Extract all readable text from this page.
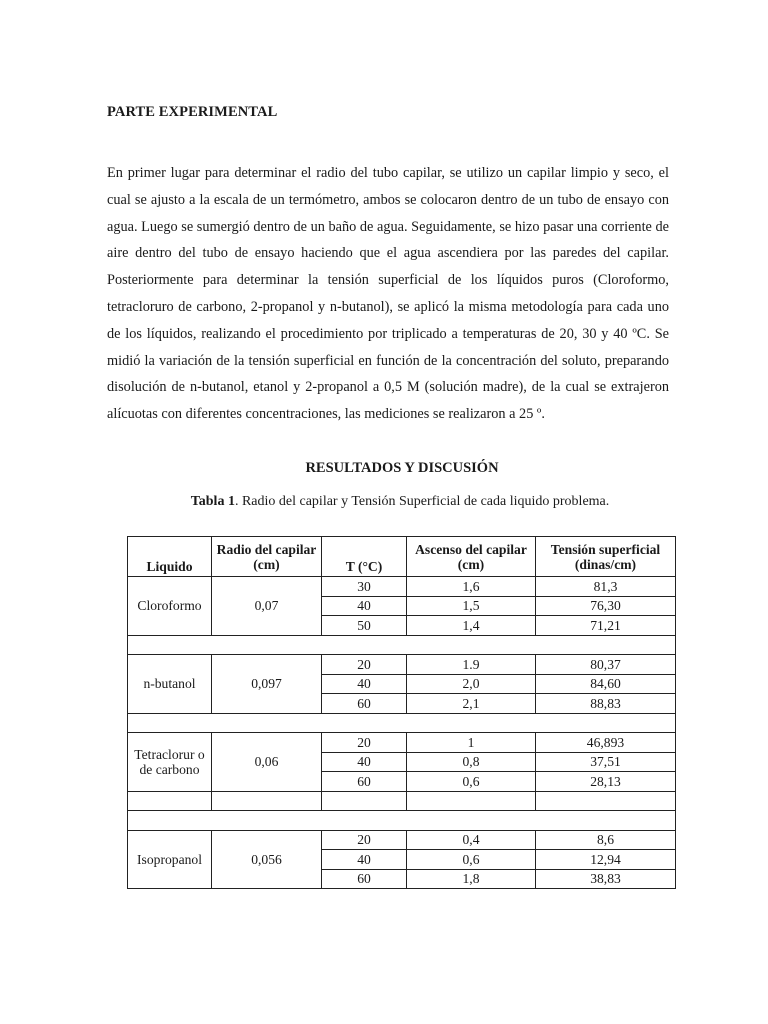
PARTE EXPERIMENTAL

En primer lugar para determinar el radio del tubo capilar, se utilizo un capilar limpio y seco, el cual se ajusto a la escala de un termómetro, ambos se colocaron dentro de un tubo de ensayo con agua. Luego se sumergió dentro de un baño de agua. Seguidamente, se hizo pasar una corriente de aire dentro del tubo de ensayo haciendo que el agua ascendiera por las paredes del capilar. Posteriormente para determinar la tensión superficial de los líquidos puros (Cloroformo, tetracloruro de carbono, 2-propanol y n-butanol), se aplicó la misma metodología para cada uno de los líquidos, realizando el procedimiento por triplicado a temperaturas de 20, 30 y 40 ºC. Se midió la variación de la tensión superficial en función de la concentración del soluto, preparando disolución de n-butanol, etanol y 2-propanol a 0,5 M (solución madre), de la cual se extrajeron alícuotas con diferentes concentraciones, las mediciones se realizaron a 25 º.

RESULTADOS Y DISCUSIÓN
Tabla 1. Radio del capilar y Tensión Superficial de cada liquido problema.
Liquido	Radio del capilar (cm)	T (°C)	Ascenso del capilar (cm)	Tensión superficial (dinas/cm)
Cloroformo	0,07	30	1,6	81,3
		40	1,5	76,30
		50	1,4	71,21

n-butanol	0,097	20	1.9	80,37
		40	2,0	84,60
		60	2,1	88,83

Tetraclorur o de carbono	0,06	20	1	46,893
		40	0,8	37,51
		60	0,6	28,13

Isopropanol	0,056	20	0,4	8,6
		40	0,6	12,94
		60	1,8	38,83
